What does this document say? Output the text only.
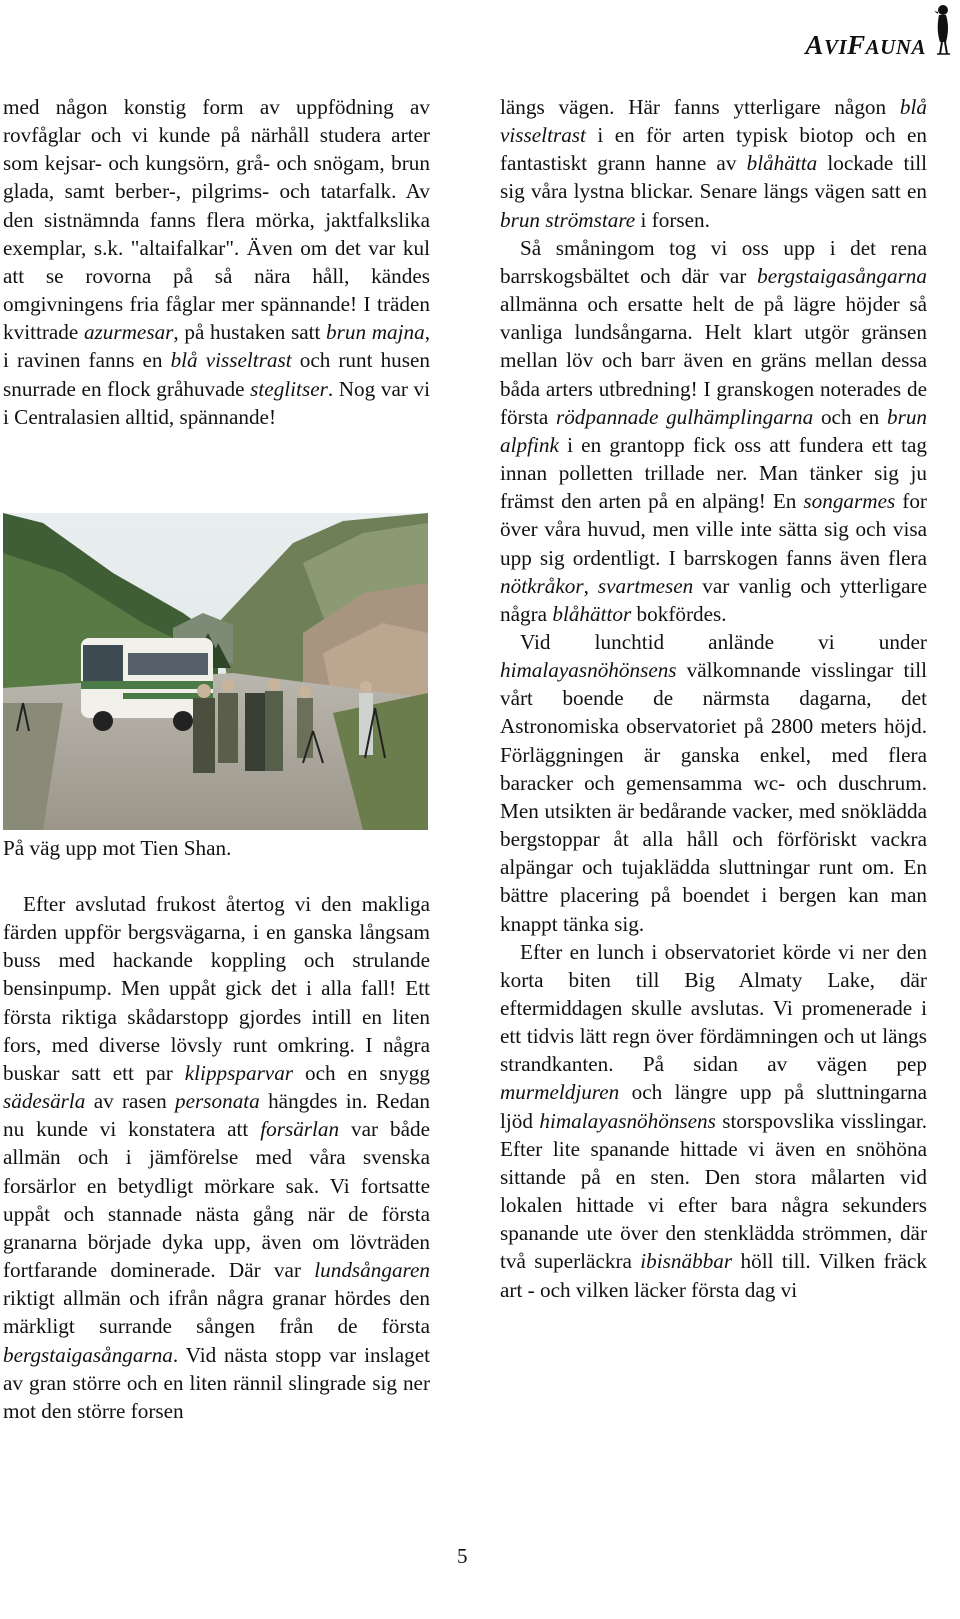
AVIFAUNA

med någon konstig form av uppfödning av rovfåglar och vi kunde på närhåll studera arter som kejsar- och kungsörn, grå- och snögam, brun glada, samt berber-, pilgrims- och tatarfalk. Av den sistnämnda fanns flera mörka, jaktfalkslika exemplar, s.k. "altaifalkar". Även om det var kul att se rovorna på så nära håll, kändes omgivningens fria fåglar mer spännande! I träden kvittrade azurmesar, på hustaken satt brun majna, i ravinen fanns en blå visseltrast och runt husen snurrade en flock gråhuvade steglitser. Nog var vi i Centralasien alltid, spännande!

På väg upp mot Tien Shan.

Efter avslutad frukost återtog vi den makliga färden uppför bergsvägarna, i en ganska långsam buss med hackande koppling och strulande bensinpump. Men uppåt gick det i alla fall! Ett första riktiga skådarstopp gjordes intill en liten fors, med diverse lövsly runt omkring. I några buskar satt ett par klippsparvar och en snygg sädesärla av rasen personata hängdes in. Redan nu kunde vi konstatera att forsärlan var både allmän och i jämförelse med våra svenska forsärlor en betydligt mörkare sak. Vi fortsatte uppåt och stannade nästa gång när de första granarna började dyka upp, även om lövträden fortfarande dominerade. Där var lundsångaren riktigt allmän och ifrån några granar hördes den märkligt surrande sången från de första bergstaigasångarna. Vid nästa stopp var inslaget av gran större och en liten rännil slingrade sig ner mot den större forsen

längs vägen. Här fanns ytterligare någon blå visseltrast i en för arten typisk biotop och en fantastiskt grann hanne av blåhätta lockade till sig våra lystna blickar. Senare längs vägen satt en brun strömstare i forsen.

Så småningom tog vi oss upp i det rena barrskogsbältet och där var bergstaigasångarna allmänna och ersatte helt de på lägre höjder så vanliga lundsångarna. Helt klart utgör gränsen mellan löv och barr även en gräns mellan dessa båda arters utbredning! I granskogen noterades de första rödpannade gulhämplingarna och en brun alpfink i en grantopp fick oss att fundera ett tag innan polletten trillade ner. Man tänker sig ju främst den arten på en alpäng! En songarmes for över våra huvud, men ville inte sätta sig och visa upp sig ordentligt. I barrskogen fanns även flera nötkråkor, svartmesen var vanlig och ytterligare några blåhättor bokfördes.

Vid lunchtid anlände vi under himalayasnöhönsens välkomnande visslingar till vårt boende de närmsta dagarna, det Astronomiska observatoriet på 2800 meters höjd. Förläggningen är ganska enkel, med flera baracker och gemensamma wc- och duschrum. Men utsikten är bedårande vacker, med snöklädda bergstoppar åt alla håll och förföriskt vackra alpängar och tujaklädda sluttningar runt om. En bättre placering på boendet i bergen kan man knappt tänka sig.

Efter en lunch i observatoriet körde vi ner den korta biten till Big Almaty Lake, där eftermiddagen skulle avslutas. Vi promenerade i ett tidvis lätt regn över fördämningen och ut längs strandkanten. På sidan av vägen pep murmeldjuren och längre upp på sluttningarna ljöd himalayasnöhönsens storspovslika visslingar. Efter lite spanande hittade vi även en snöhöna sittande på en sten. Den stora målarten vid lokalen hittade vi efter bara några sekunders spanande ute över den stenklädda strömmen, där två superläckra ibisnäbbar höll till. Vilken fräck art - och vilken läcker första dag vi

5
